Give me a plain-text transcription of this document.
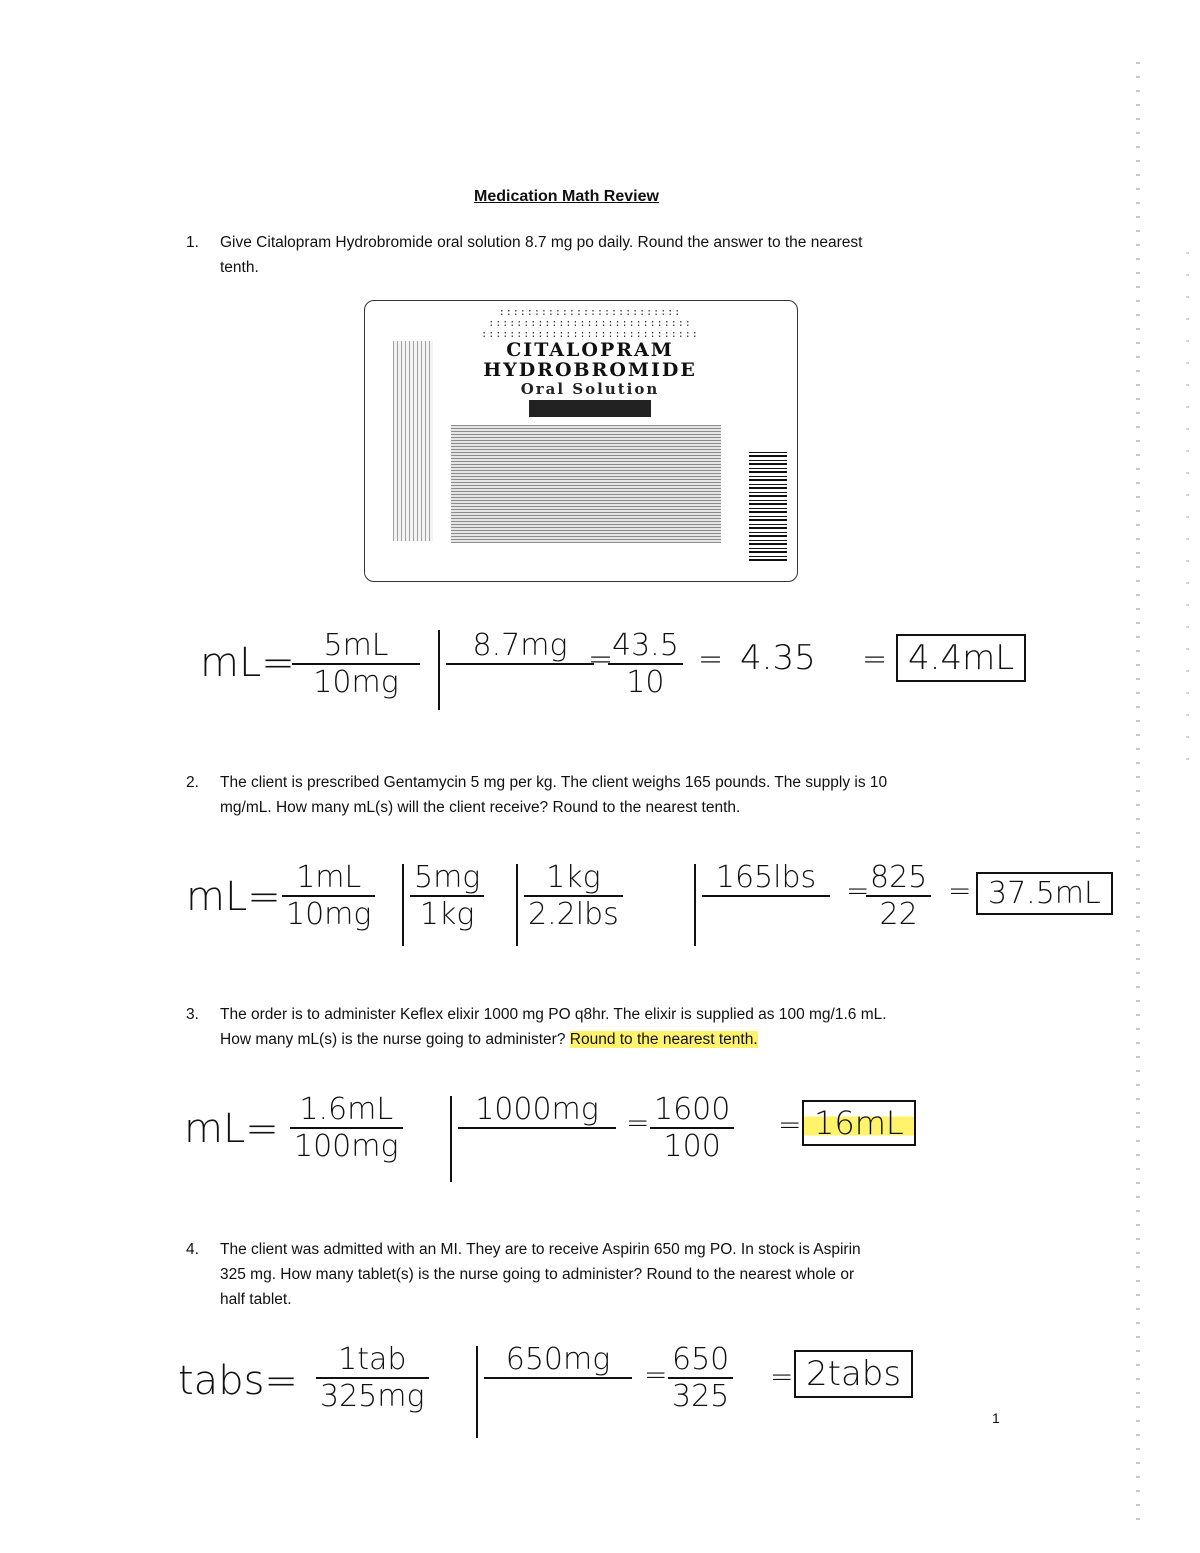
Medication Math Review
1. Give Citalopram Hydrobromide oral solution 8.7 mg po daily. Round the answer to the nearest
tenth.
::::::::::::::::::::::::::
:::::::::::::::::::::::::::::
:::::::::::::::::::::::::::::::
CITALOPRAM
HYDROBROMIDE
Oral Solution

mL=
$\frac{5mL}{10mg}$	8.7mg
=
$\frac{43.5}{10} = 4.35 = 4.4mL$
2. The client is prescribed Gentamycin 5 mg per kg. The client weighs 165 pounds. The supply is 10
mg/mL. How many mL(s) will the client receive? Round to the nearest tenth.
$mL= \frac{1mL}{10mg} \frac{5mg}{1kg}$	1kg
2.2lbs
165lbs
	=
$\frac{825}{22} = 37.5mL$
3. The order is to administer Keflex elixir 1000 mg PO q8hr. The elixir is supplied as 100 mg/1.6 mL.
How many mL(s) is the nurse going to administer? Round to the nearest tenth.
$mL= \frac{1.6mL}{100mg}$	1000mg
= $\frac{1600}{100} = 16mL$
4. The client was admitted with an MI. They are to receive Aspirin 650 mg PO. In stock is Aspirin
325 mg. How many tablet(s) is the nurse going to administer? Round to the nearest whole or
half tablet.
tabs=	1tab
325mg
650mg
	= $\frac{650}{325}$ = 2tabs
1
